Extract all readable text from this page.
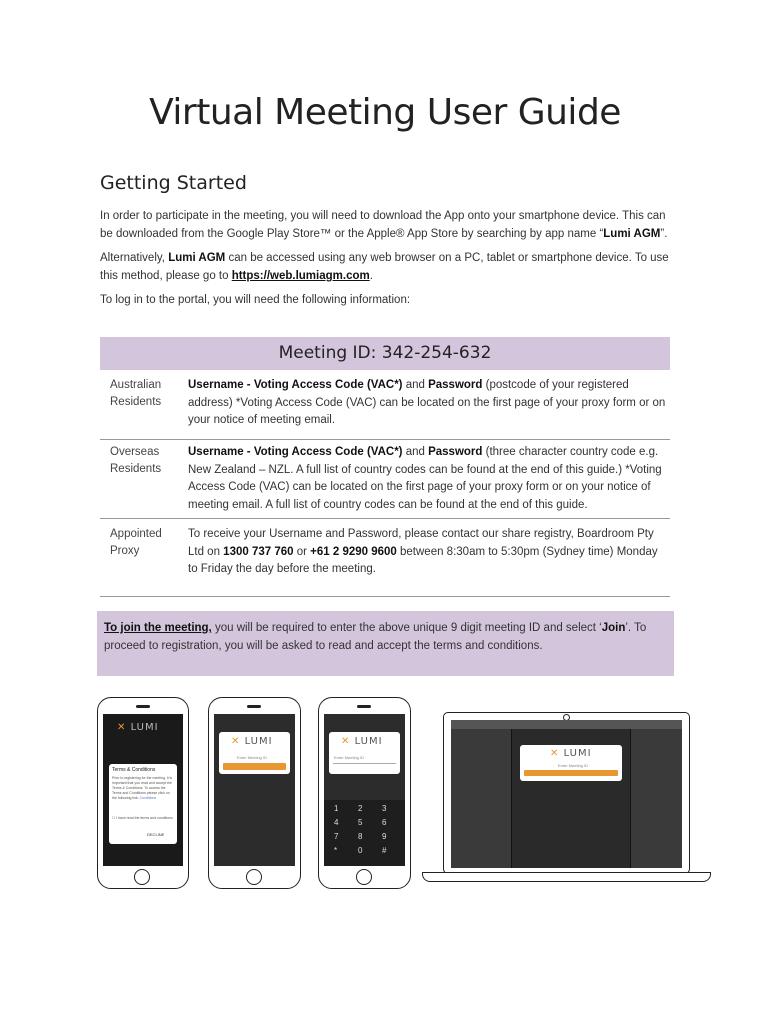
Virtual Meeting User Guide
Getting Started
In order to participate in the meeting, you will need to download the App onto your smartphone device. This can be downloaded from the Google Play Store™ or the Apple® App Store by searching by app name “Lumi AGM”.
Alternatively, Lumi AGM can be accessed using any web browser on a PC, tablet or smartphone device. To use this method, please go to https://web.lumiagm.com.
To log in to the portal, you will need the following information:
Meeting ID: 342-254-632
Australian Residents
Username - Voting Access Code (VAC*) and Password (postcode of your registered address) *Voting Access Code (VAC) can be located on the first page of your proxy form or on your notice of meeting email.
Overseas Residents
Username - Voting Access Code (VAC*) and Password (three character country code e.g. New Zealand – NZL. A full list of country codes can be found at the end of this guide.) *Voting Access Code (VAC) can be located on the first page of your proxy form or on your notice of meeting email. A full list of country codes can be found at the end of this guide.
Appointed Proxy
To receive your Username and Password, please contact our share registry, Boardroom Pty Ltd on 1300 737 760 or +61 2 9290 9600 between 8:30am to 5:30pm (Sydney time) Monday to Friday the day before the meeting.
To join the meeting, you will be required to enter the above unique 9 digit meeting ID and select ‘Join’. To proceed to registration, you will be asked to read and accept the terms and conditions.
✕ LUMI
Terms & Conditions
Prior to registering for the meeting, it is important that you read and accept the Terms & Conditions. To access the Terms and Conditions please click on the following link: Conditions
☐ I have read the terms and conditions
DECLINE
✕ LUMI
Enter Meeting ID
✕ LUMI
Enter Meeting ID
1 2 3
4 5 6
7 8 9
*	0 #
✕ LUMI
Enter Meeting ID
